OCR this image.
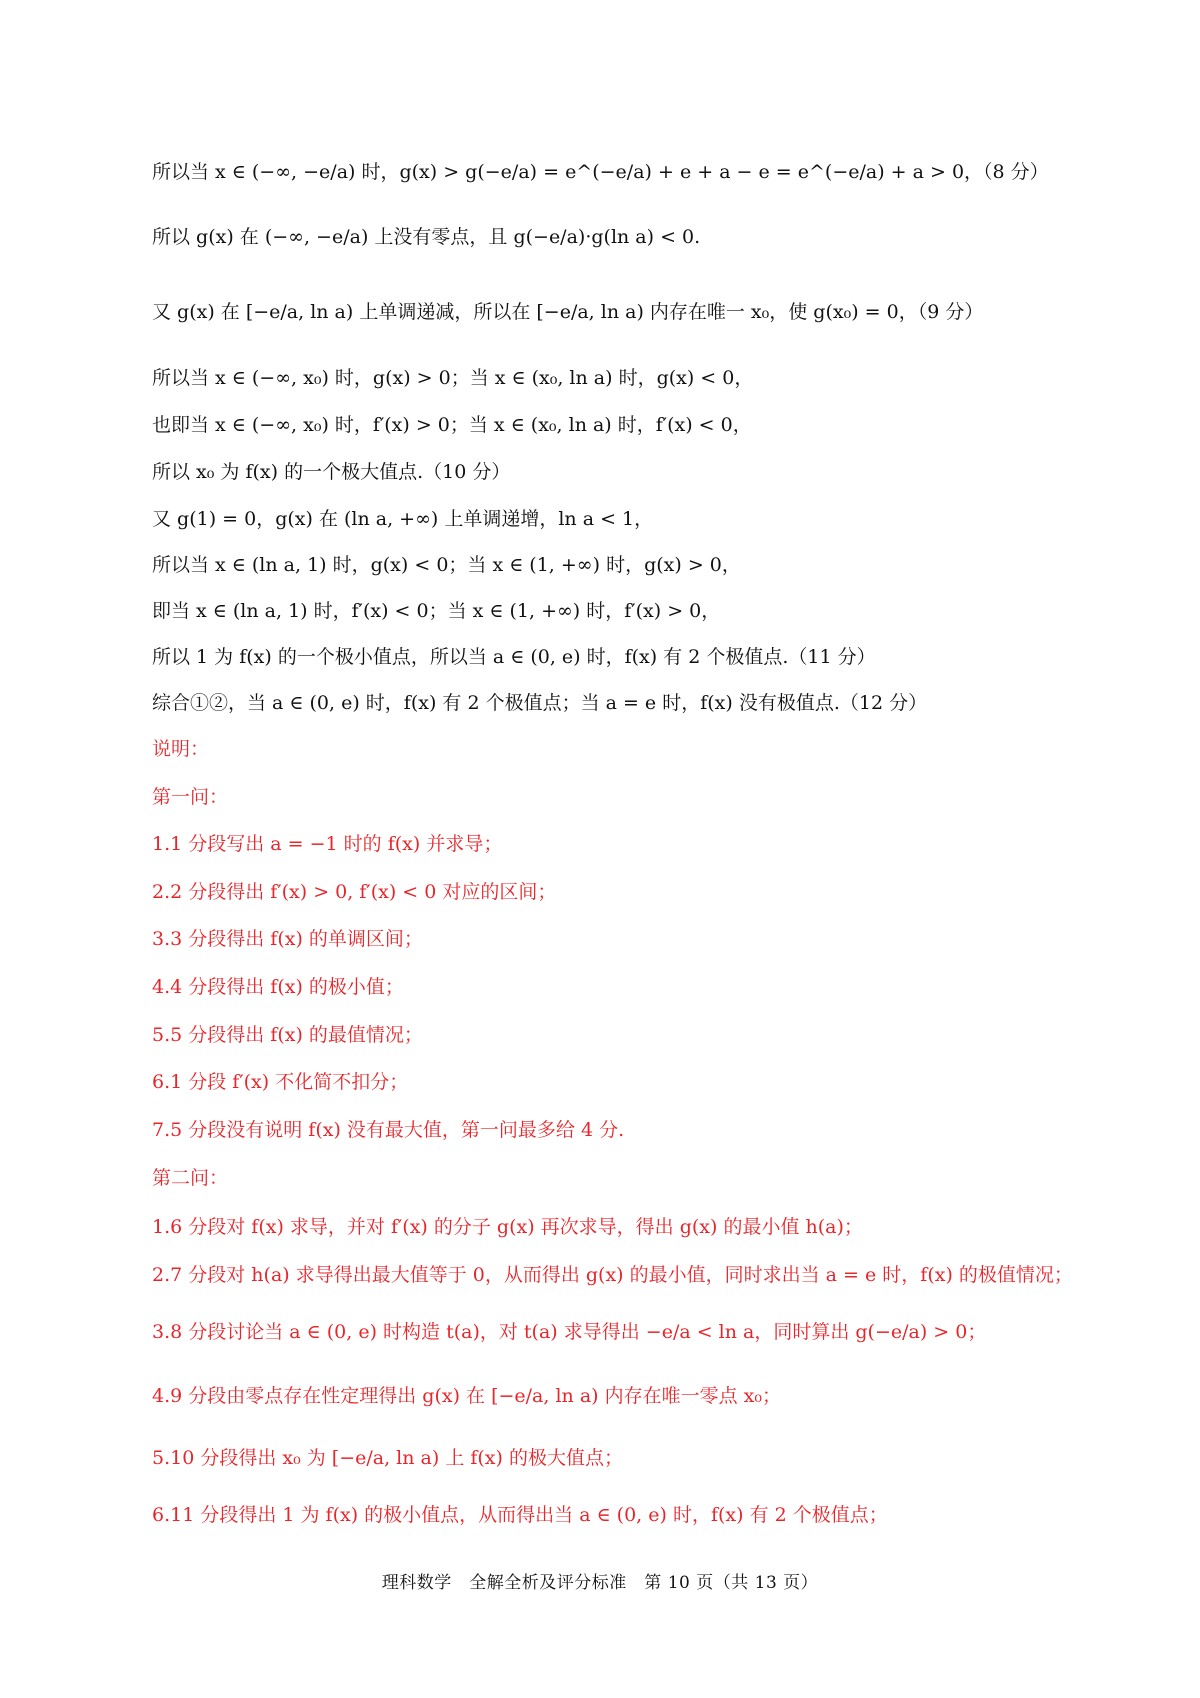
所以当 x ∈ (−∞, −e/a) 时，g(x) > g(−e/a) = e^(−e/a) + e + a − e = e^(−e/a) + a > 0，（8 分）
所以 g(x) 在 (−∞, −e/a) 上没有零点，且 g(−e/a)·g(ln a) < 0.
又 g(x) 在 [−e/a, ln a) 上单调递减，所以在 [−e/a, ln a) 内存在唯一 x₀，使 g(x₀) = 0，（9 分）
所以当 x ∈ (−∞, x₀) 时，g(x) > 0；当 x ∈ (x₀, ln a) 时，g(x) < 0，
也即当 x ∈ (−∞, x₀) 时，f′(x) > 0；当 x ∈ (x₀, ln a) 时，f′(x) < 0，
所以 x₀ 为 f(x) 的一个极大值点.（10 分）
又 g(1) = 0，g(x) 在 (ln a, +∞) 上单调递增，ln a < 1，
所以当 x ∈ (ln a, 1) 时，g(x) < 0；当 x ∈ (1, +∞) 时，g(x) > 0，
即当 x ∈ (ln a, 1) 时，f′(x) < 0；当 x ∈ (1, +∞) 时，f′(x) > 0，
所以 1 为 f(x) 的一个极小值点，所以当 a ∈ (0, e) 时，f(x) 有 2 个极值点.（11 分）
综合①②，当 a ∈ (0, e) 时，f(x) 有 2 个极值点；当 a = e 时，f(x) 没有极值点.（12 分）
说明：
第一问：
1.1 分段写出 a = −1 时的 f(x) 并求导；
2.2 分段得出 f′(x) > 0, f′(x) < 0 对应的区间；
3.3 分段得出 f(x) 的单调区间；
4.4 分段得出 f(x) 的极小值；
5.5 分段得出 f(x) 的最值情况；
6.1 分段 f′(x) 不化简不扣分；
7.5 分段没有说明 f(x) 没有最大值，第一问最多给 4 分.
第二问：
1.6 分段对 f(x) 求导，并对 f′(x) 的分子 g(x) 再次求导，得出 g(x) 的最小值 h(a)；
2.7 分段对 h(a) 求导得出最大值等于 0，从而得出 g(x) 的最小值，同时求出当 a = e 时，f(x) 的极值情况；
3.8 分段讨论当 a ∈ (0, e) 时构造 t(a)，对 t(a) 求导得出 −e/a < ln a，同时算出 g(−e/a) > 0；
4.9 分段由零点存在性定理得出 g(x) 在 [−e/a, ln a) 内存在唯一零点 x₀；
5.10 分段得出 x₀ 为 [−e/a, ln a) 上 f(x) 的极大值点；
6.11 分段得出 1 为 f(x) 的极小值点，从而得出当 a ∈ (0, e) 时，f(x) 有 2 个极值点；
理科数学　全解全析及评分标准　第 10 页（共 13 页）
